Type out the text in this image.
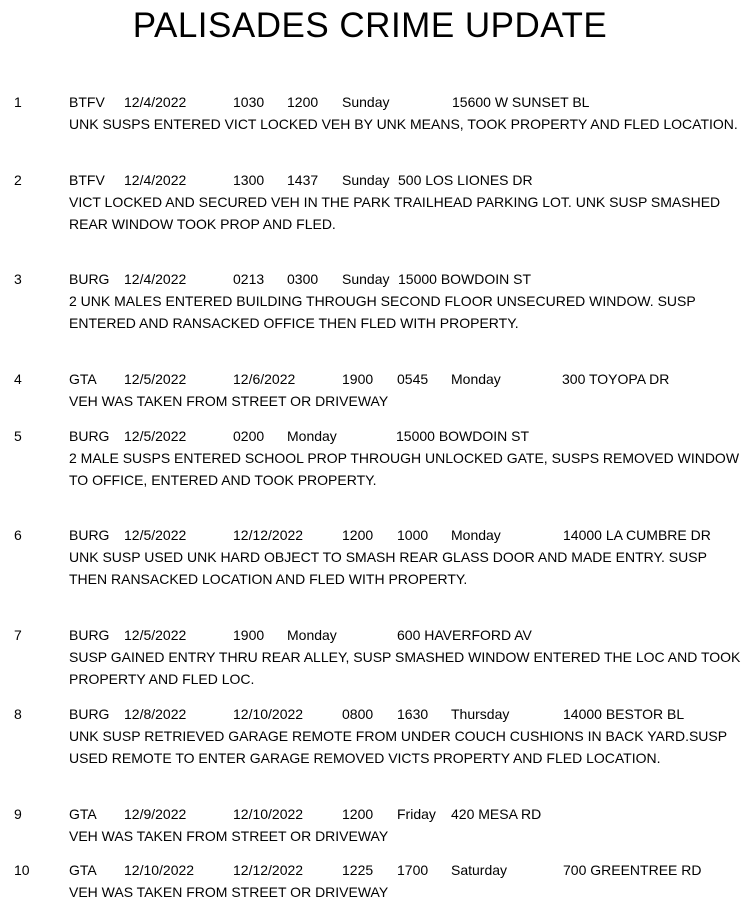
PALISADES CRIME UPDATE
1	BTFV 12/4/2022	1030 1200 Sunday	15600 W SUNSET BL
UNK SUSPS ENTERED VICT LOCKED VEH BY UNK MEANS, TOOK PROPERTY AND FLED LOCATION.
2	BTFV 12/4/2022	1300 1437 Sunday 500 LOS LIONES DR
VICT LOCKED AND SECURED VEH IN THE PARK TRAILHEAD PARKING LOT. UNK SUSP SMASHED
REAR WINDOW TOOK PROP AND FLED.
3	BURG 12/4/2022	0213 0300 Sunday 15000 BOWDOIN ST
2 UNK MALES ENTERED BUILDING THROUGH SECOND FLOOR UNSECURED WINDOW. SUSP
ENTERED AND RANSACKED OFFICE THEN FLED WITH PROPERTY.
4	GTA 12/5/2022	12/6/2022	1900 0545 Monday	300 TOYOPA DR
VEH WAS TAKEN FROM STREET OR DRIVEWAY
5	BURG 12/5/2022	0200 Monday	15000 BOWDOIN ST
2 MALE SUSPS ENTERED SCHOOL PROP THROUGH UNLOCKED GATE, SUSPS REMOVED WINDOW
TO OFFICE, ENTERED AND TOOK PROPERTY.
6	BURG 12/5/2022	12/12/2022	1200 1000 Monday	14000 LA CUMBRE DR
UNK SUSP USED UNK HARD OBJECT TO SMASH REAR GLASS DOOR AND MADE ENTRY. SUSP
THEN RANSACKED LOCATION AND FLED WITH PROPERTY.
7	BURG 12/5/2022	1900 Monday	600 HAVERFORD AV
SUSP GAINED ENTRY THRU REAR ALLEY, SUSP SMASHED WINDOW ENTERED THE LOC AND TOOK
PROPERTY AND FLED LOC.
8	BURG 12/8/2022	12/10/2022	0800 1630 Thursday	14000 BESTOR BL
UNK SUSP RETRIEVED GARAGE REMOTE FROM UNDER COUCH CUSHIONS IN BACK YARD.SUSP
USED REMOTE TO ENTER GARAGE REMOVED VICTS PROPERTY AND FLED LOCATION.
9	GTA 12/9/2022	12/10/2022	1200 Friday 420 MESA RD
VEH WAS TAKEN FROM STREET OR DRIVEWAY
10	GTA 12/10/2022	12/12/2022	1225 1700 Saturday	700 GREENTREE RD
VEH WAS TAKEN FROM STREET OR DRIVEWAY
